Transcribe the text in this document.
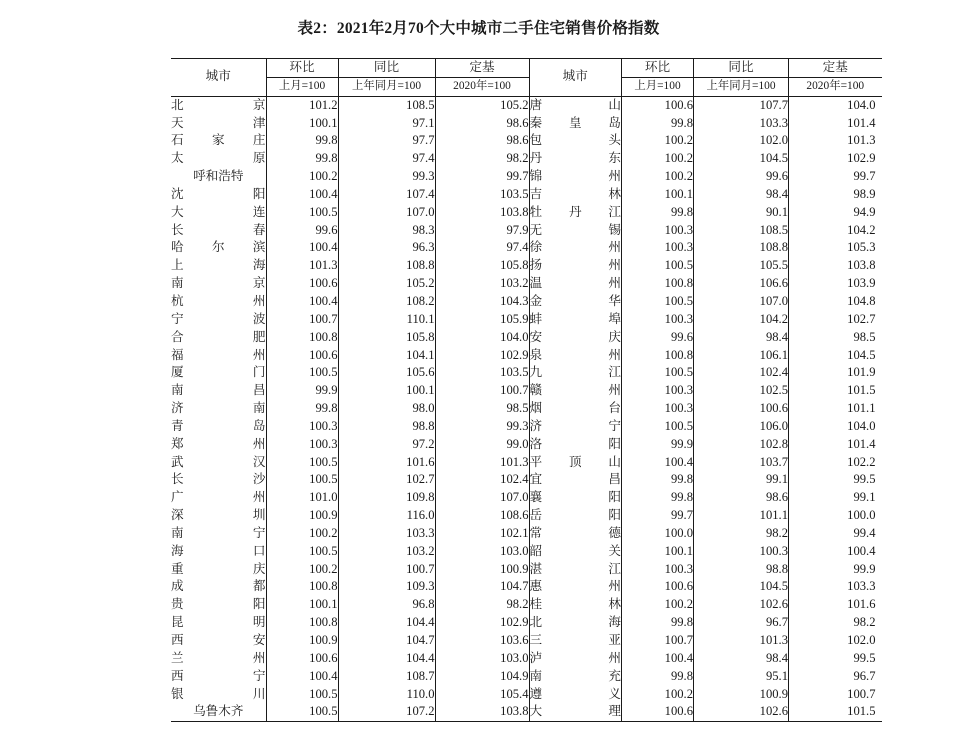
表2：2021年2月70个大中城市二手住宅销售价格指数
城市	环比	同比	定基
	上月=100	上年同月=100	2020年=100

北京	101.2	108.5	105.2

天津	100.1	97.1	98.6

石家庄	99.8	97.7	98.6

太原	99.8	97.4	98.2

呼和浩特	100.2	99.3	99.7

沈阳	100.4	107.4	103.5

大连	100.5	107.0	103.8

长春	99.6	98.3	97.9

哈尔滨	100.4	96.3	97.4

上海	101.3	108.8	105.8

南京	100.6	105.2	103.2

杭州	100.4	108.2	104.3

宁波	100.7	110.1	105.9

合肥	100.8	105.8	104.0

福州	100.6	104.1	102.9

厦门	100.5	105.6	103.5

南昌	99.9	100.1	100.7

济南	99.8	98.0	98.5

青岛	100.3	98.8	99.3

郑州	100.3	97.2	99.0

武汉	100.5	101.6	101.3

长沙	100.5	102.7	102.4

广州	101.0	109.8	107.0

深圳	100.9	116.0	108.6

南宁	100.2	103.3	102.1

海口	100.5	103.2	103.0

重庆	100.2	100.7	100.9

成都	100.8	109.3	104.7

贵阳	100.1	96.8	98.2

昆明	100.8	104.4	102.9

西安	100.9	104.7	103.6

兰州	100.6	104.4	103.0

西宁	100.4	108.7	104.9

银川	100.5	110.0	105.4

乌鲁木齐	100.5	107.2	103.8
城市	环比	同比	定基
	上月=100	上年同月=100	2020年=100

唐山	100.6	107.7	104.0

秦皇岛	99.8	103.3	101.4

包头	100.2	102.0	101.3

丹东	100.2	104.5	102.9

锦州	100.2	99.6	99.7

吉林	100.1	98.4	98.9

牡丹江	99.8	90.1	94.9

无锡	100.3	108.5	104.2

徐州	100.3	108.8	105.3

扬州	100.5	105.5	103.8

温州	100.8	106.6	103.9

金华	100.5	107.0	104.8

蚌埠	100.3	104.2	102.7

安庆	99.6	98.4	98.5

泉州	100.8	106.1	104.5

九江	100.5	102.4	101.9

赣州	100.3	102.5	101.5

烟台	100.3	100.6	101.1

济宁	100.5	106.0	104.0

洛阳	99.9	102.8	101.4

平顶山	100.4	103.7	102.2

宜昌	99.8	99.1	99.5

襄阳	99.8	98.6	99.1

岳阳	99.7	101.1	100.0

常德	100.0	98.2	99.4

韶关	100.1	100.3	100.4

湛江	100.3	98.8	99.9

惠州	100.6	104.5	103.3

桂林	100.2	102.6	101.6

北海	99.8	96.7	98.2

三亚	100.7	101.3	102.0

泸州	100.4	98.4	99.5

南充	99.8	95.1	96.7

遵义	100.2	100.9	100.7

大理	100.6	102.6	101.5
